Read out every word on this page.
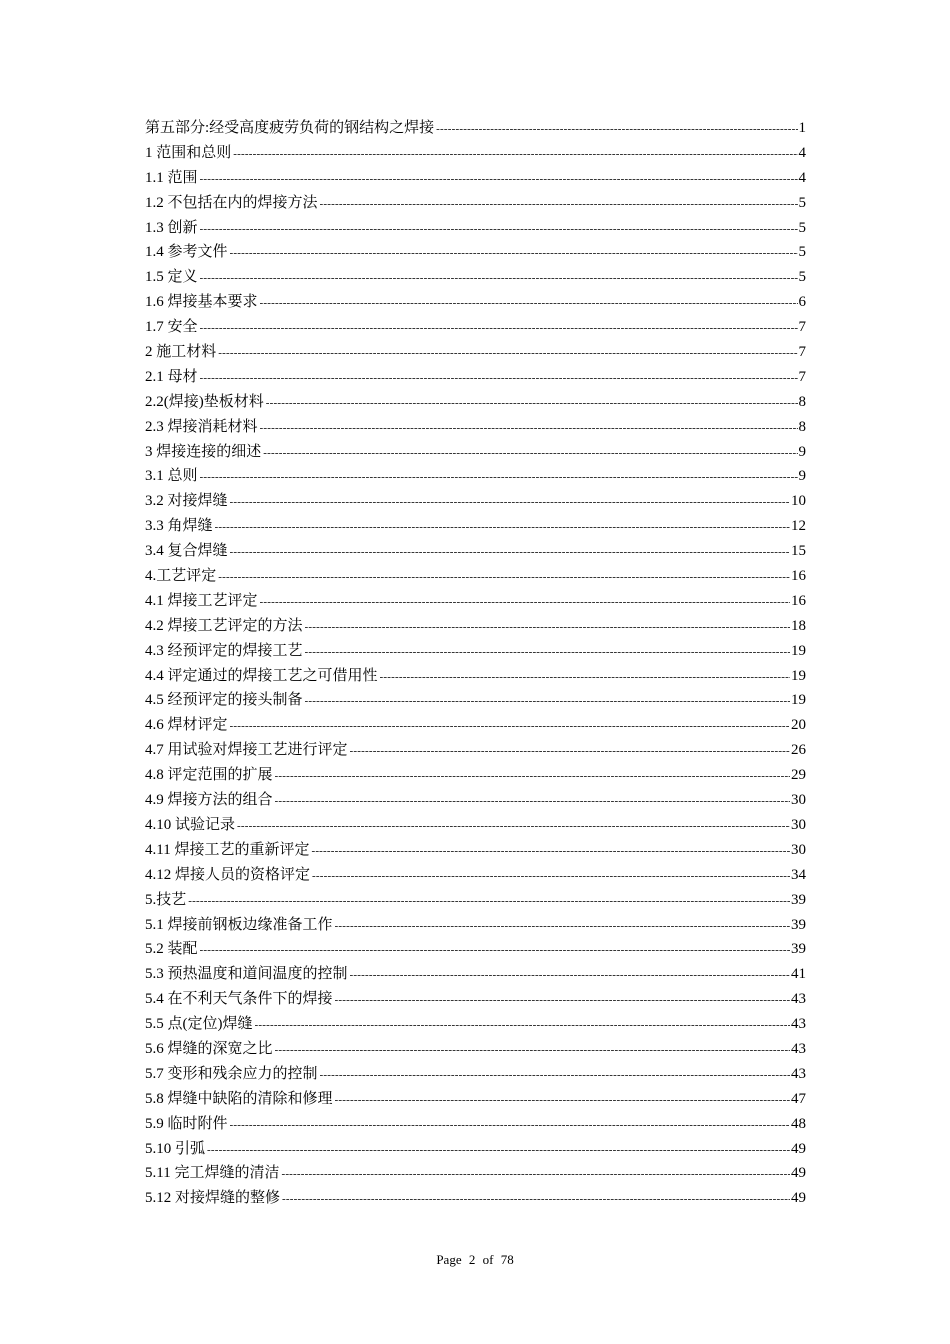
第五部分:经受高度疲劳负荷的钢结构之焊接 -----	1
1 范围和总则 -----	4
1.1 范围 -----	4
1.2 不包括在内的焊接方法 -----	5
1.3 创新 -----	5
1.4 参考文件 -----	5
1.5 定义 -----	5
1.6 焊接基本要求 -----	6
1.7 安全 -----	7
2 施工材料 -----	7
2.1 母材 -----	7
2.2(焊接)垫板材料 -----	8
2.3 焊接消耗材料 -----	8
3 焊接连接的细述 -----	9
3.1 总则 -----	9
3.2 对接焊缝 -----	10
3.3 角焊缝 -----	12
3.4 复合焊缝 -----	15
4.工艺评定 -----	16
4.1 焊接工艺评定 -----	16
4.2 焊接工艺评定的方法 -----	18
4.3 经预评定的焊接工艺 -----	19
4.4 评定通过的焊接工艺之可借用性 -----	19
4.5 经预评定的接头制备 -----	19
4.6 焊材评定 -----	20
4.7 用试验对焊接工艺进行评定 -----	26
4.8 评定范围的扩展 -----	29
4.9 焊接方法的组合 -----	30
4.10 试验记录 -----	30
4.11 焊接工艺的重新评定 -----	30
4.12 焊接人员的资格评定 -----	34
5.技艺 -----	39
5.1 焊接前钢板边缘准备工作 -----	39
5.2 装配 -----	39
5.3 预热温度和道间温度的控制 -----	41
5.4 在不利天气条件下的焊接 -----	43
5.5 点(定位)焊缝 -----	43
5.6 焊缝的深宽之比 -----	43
5.7 变形和残余应力的控制 -----	43
5.8 焊缝中缺陷的清除和修理 -----	47
5.9 临时附件 -----	48
5.10 引弧 -----	49
5.11 完工焊缝的清洁 -----	49
5.12 对接焊缝的整修 -----	49
Page 2 of 78
